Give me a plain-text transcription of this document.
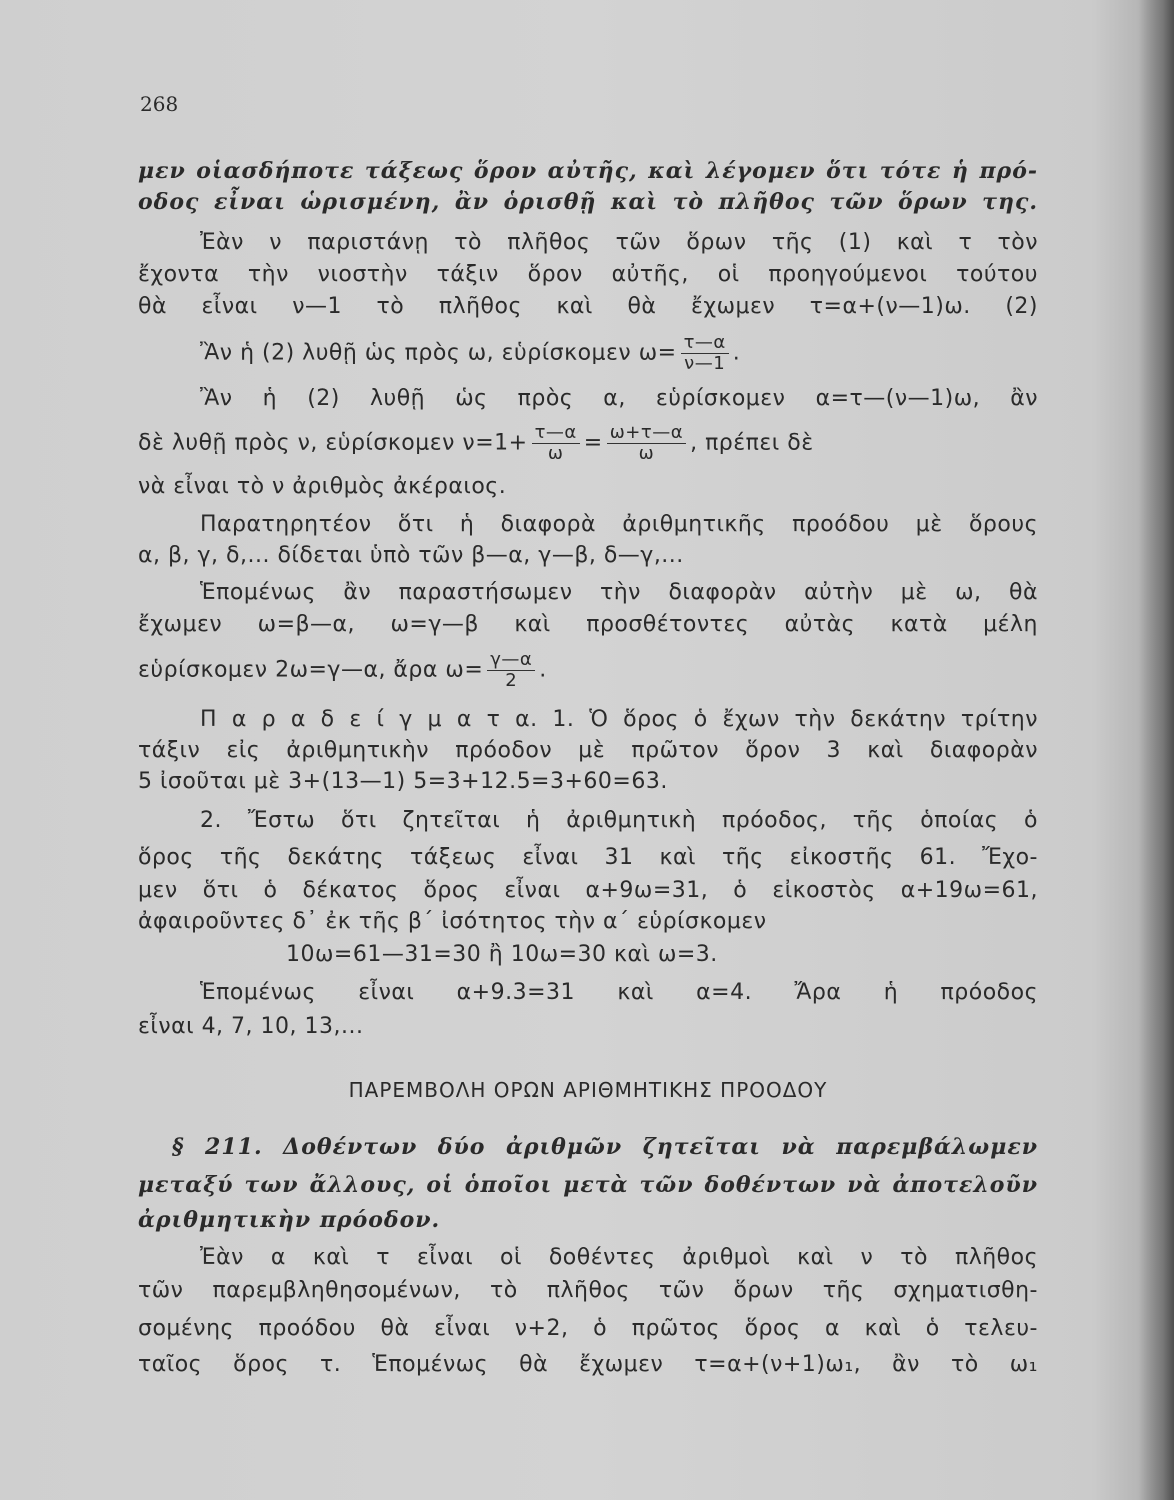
268
μεν οἱασδήποτε τάξεως ὅρον αὐτῆς, καὶ λέγομεν ὅτι τότε ἡ πρό-
οδος εἶναι ὡρισμένη, ἂν ὁρισθῇ καὶ τὸ πλῆθος τῶν ὅρων της.
Ἐὰν ν παριστάνῃ τὸ πλῆθος τῶν ὅρων τῆς (1) καὶ τ τὸν
ἔχοντα τὴν νιοστὴν τάξιν ὅρον αὐτῆς, οἱ προηγούμενοι τούτου
θὰ εἶναι ν—1 τὸ πλῆθος καὶ θὰ ἔχωμεν τ=α+(ν—1)ω. (2)
Ἂν ἡ (2) λυθῇ ὡς πρὸς ω, εὑρίσκομεν $\omega= \frac{\tau—\alpha}{\nu—1}$ .
Ἂν ἡ (2) λυθῇ ὡς πρὸς α, εὑρίσκομεν α=τ—(ν—1)ω, ἂν
δὲ λυθῇ πρὸς ν, εὑρίσκομεν $\nu=1+ \frac{\tau—\alpha}{\omega} = \frac{\omega+\tau—\alpha}{\omega}$ , πρέπει δὲ
νὰ εἶναι τὸ ν ἀριθμὸς ἀκέραιος.
Παρατηρητέον ὅτι ἡ διαφορὰ ἀριθμητικῆς προόδου μὲ ὅρους
α, β, γ, δ,... δίδεται ὑπὸ τῶν β—α, γ—β, δ—γ,...
Ἑπομένως ἂν παραστήσωμεν τὴν διαφορὰν αὐτὴν μὲ ω, θὰ
ἔχωμεν ω=β—α, ω=γ—β καὶ προσθέτοντες αὐτὰς κατὰ μέλη
εὑρίσκομεν 2ω=γ—α, ἄρα $\omega= \frac{\gamma—\alpha}{2}$ .
Π α ρ α δ ε ί γ μ α τ α. 1. Ὁ ὅρος ὁ ἔχων τὴν δεκάτην τρίτην
τάξιν εἰς ἀριθμητικὴν πρόοδον μὲ πρῶτον ὅρον 3 καὶ διαφορὰν
5 ἰσοῦται μὲ 3+(13—1) 5=3+12.5=3+60=63.
2. Ἔστω ὅτι ζητεῖται ἡ ἀριθμητικὴ πρόοδος, τῆς ὁποίας ὁ
ὅρος τῆς δεκάτης τάξεως εἶναι 31 καὶ τῆς εἰκοστῆς 61. Ἔχο-
μεν ὅτι ὁ δέκατος ὅρος εἶναι α+9ω=31, ὁ εἰκοστὸς α+19ω=61,
ἀφαιροῦντες δ᾿ ἐκ τῆς β΄ ἰσότητος τὴν α΄ εὑρίσκομεν
10ω=61—31=30 ἢ 10ω=30 καὶ ω=3.
Ἑπομένως εἶναι α+9.3=31 καὶ α=4. Ἄρα ἡ πρόοδος
εἶναι 4, 7, 10, 13,...
ΠΑΡΕΜΒΟΛΗ ΟΡΩΝ ΑΡΙΘΜΗΤΙΚΗΣ ΠΡΟΟΔΟΥ
§ 211. Δοθέντων δύο ἀριθμῶν ζητεῖται νὰ παρεμβάλωμεν
μεταξύ των ἄλλους, οἱ ὁποῖοι μετὰ τῶν δοθέντων νὰ ἀποτελοῦν
ἀριθμητικὴν πρόοδον.
Ἐὰν α καὶ τ εἶναι οἱ δοθέντες ἀριθμοὶ καὶ ν τὸ πλῆθος
τῶν παρεμβληθησομένων, τὸ πλῆθος τῶν ὅρων τῆς σχηματισθη-
σομένης προόδου θὰ εἶναι ν+2, ὁ πρῶτος ὅρος α καὶ ὁ τελευ-
ταῖος ὅρος τ. Ἑπομένως θὰ ἔχωμεν τ=α+(ν+1)ω₁, ἂν τὸ ω₁
